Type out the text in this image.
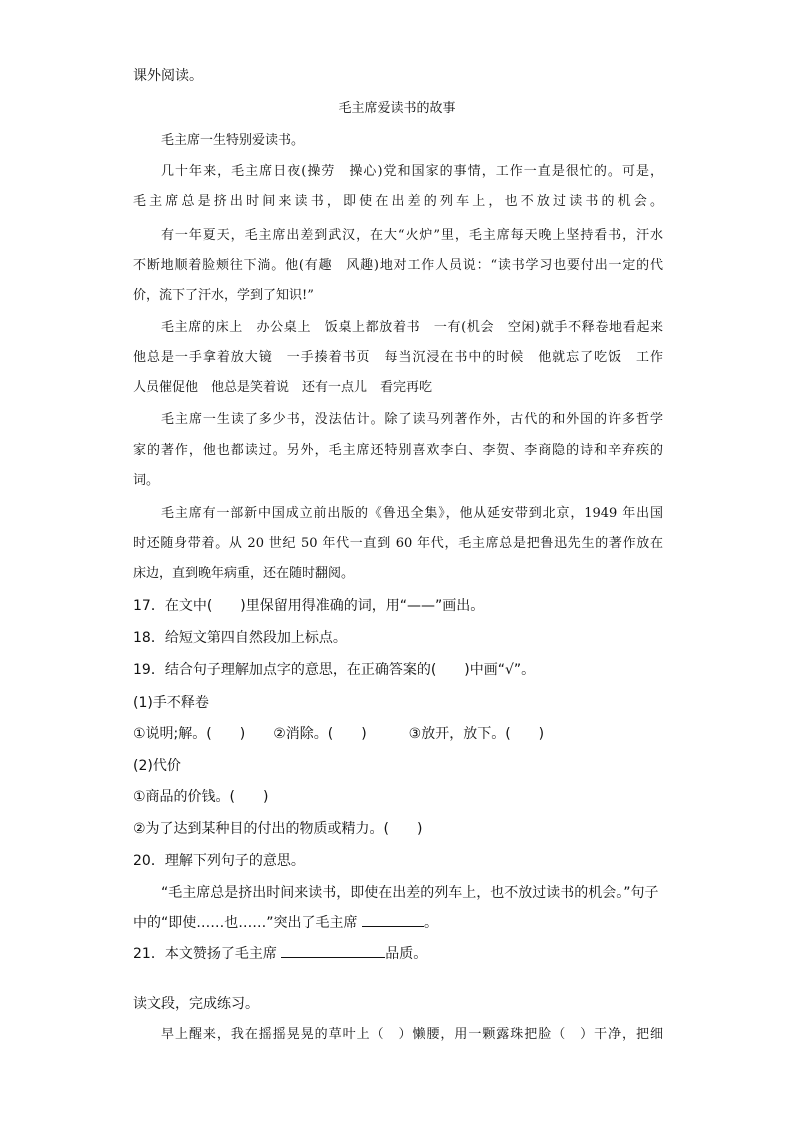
课外阅读。
毛主席爱读书的故事
毛主席一生特别爱读书。
几十年来，毛主席日夜(操劳　操心)党和国家的事情，工作一直是很忙的。可是，
毛主席总是挤出时间来读书，即使在出差的列车上，也不放过读书的机会。
有一年夏天，毛主席出差到武汉，在大“火炉”里，毛主席每天晚上坚持看书，汗水
不断地顺着脸颊往下淌。他(有趣　风趣)地对工作人员说：“读书学习也要付出一定的代
价，流下了汗水，学到了知识!”
毛主席的床上　办公桌上　饭桌上都放着书　一有(机会　空闲)就手不释卷地看起来
他总是一手拿着放大镜　一手揍着书页　每当沉浸在书中的时候　他就忘了吃饭　工作
人员催促他　他总是笑着说　还有一点儿　看完再吃
毛主席一生读了多少书，没法估计。除了读马列著作外，古代的和外国的许多哲学
家的著作，他也都读过。另外，毛主席还特别喜欢李白、李贺、李商隐的诗和辛弃疾的
词。
毛主席有一部新中国成立前出版的《鲁迅全集》，他从延安带到北京，1949 年出国
时还随身带着。从 20 世纪 50 年代一直到 60 年代，毛主席总是把鲁迅先生的著作放在
床边，直到晚年病重，还在随时翻阅。
17．在文中(　　)里保留用得准确的词，用“——”画出。
18．给短文第四自然段加上标点。
19．结合句子理解加点字的意思，在正确答案的(　　)中画“√”。
(1)手不释卷
①说明;解。(　　)　　②消除。(　　)　　　③放开，放下。(　　)
(2)代价
①商品的价钱。(　　)
②为了达到某种目的付出的物质或精力。(　　)
20．理解下列句子的意思。
“毛主席总是挤出时间来读书，即使在出差的列车上，也不放过读书的机会。”句子
中的“即使……也……”突出了毛主席	。
21．本文赞扬了毛主席	品质。
读文段，完成练习。
早上醒来，我在摇摇晃晃的草叶上（　）懒腰，用一颗露珠把脸（　）干净，把细
